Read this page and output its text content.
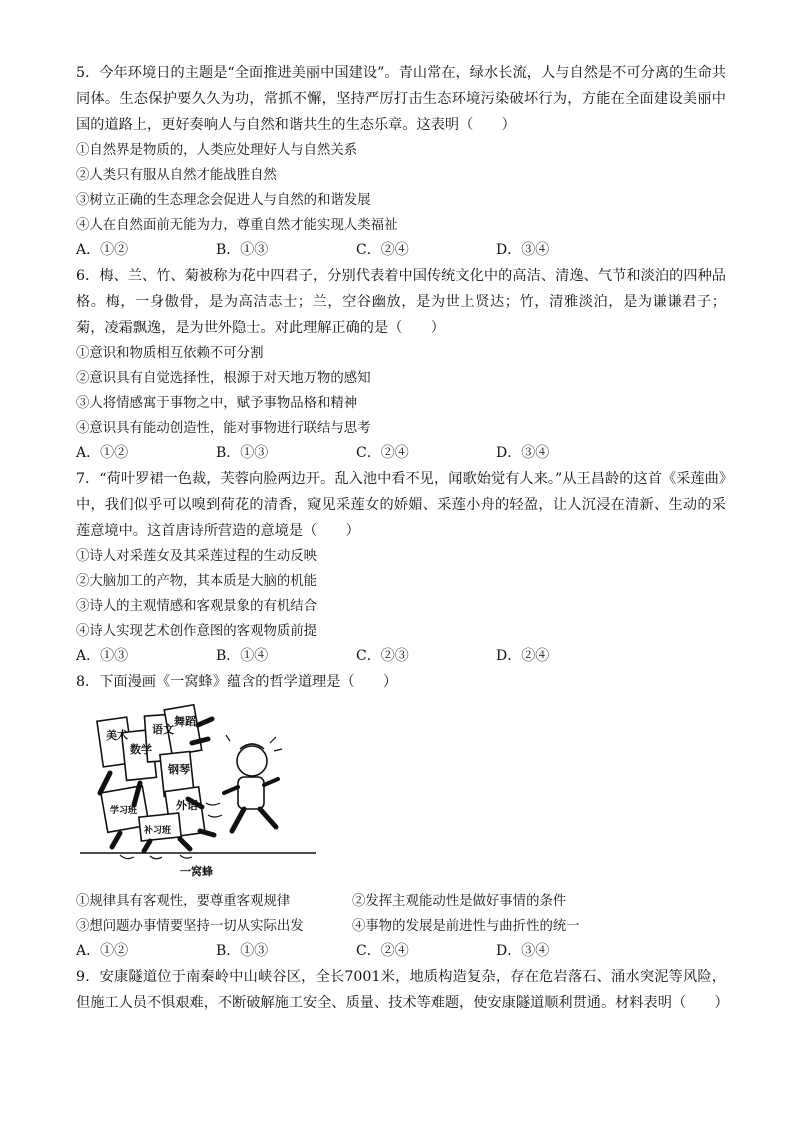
5．今年环境日的主题是“全面推进美丽中国建设”。青山常在，绿水长流，人与自然是不可分离的生命共同体。生态保护要久久为功，常抓不懈，坚持严厉打击生态环境污染破坏行为，方能在全面建设美丽中国的道路上，更好奏响人与自然和谐共生的生态乐章。这表明（　　）

①自然界是物质的，人类应处理好人与自然关系

②人类只有服从自然才能战胜自然

③树立正确的生态理念会促进人与自然的和谐发展

④人在自然面前无能为力，尊重自然才能实现人类福祉

A．①②	B．①③	C．②④	D．③④

6．梅、兰、竹、菊被称为花中四君子，分别代表着中国传统文化中的高洁、清逸、气节和淡泊的四种品格。梅，一身傲骨，是为高洁志士；兰，空谷幽放，是为世上贤达；竹，清雅淡泊，是为谦谦君子；菊，凌霜飘逸，是为世外隐士。对此理解正确的是（　　）

①意识和物质相互依赖不可分割

②意识具有自觉选择性，根源于对天地万物的感知

③人将情感寓于事物之中，赋予事物品格和精神

④意识具有能动创造性，能对事物进行联结与思考

A．①②	B．①③	C．②④	D．③④

7．“荷叶罗裙一色裁，芙蓉向脸两边开。乱入池中看不见，闻歌始觉有人来。”从王昌龄的这首《采莲曲》中，我们似乎可以嗅到荷花的清香，窥见采莲女的娇媚、采莲小舟的轻盈，让人沉浸在清新、生动的采莲意境中。这首唐诗所营造的意境是（　　）

①诗人对采莲女及其采莲过程的生动反映

②大脑加工的产物，其本质是大脑的机能

③诗人的主观情感和客观景象的有机结合

④诗人实现艺术创作意图的客观物质前提

A．①③	B．①④	C．②③	D．②④

8．下面漫画《一窝蜂》蕴含的哲学道理是（　　）

美术
数学
语文
舞蹈
钢琴
外语
学习班
补习班
一窝蜂
①规律具有客观性，要尊重客观规律	②发挥主观能动性是做好事情的条件
③想问题办事情要坚持一切从实际出发	④事物的发展是前进性与曲折性的统一
A．①②	B．①③	C．②④	D．③④

9．安康隧道位于南秦岭中山峡谷区，全长7001米，地质构造复杂，存在危岩落石、涌水突泥等风险，但施工人员不惧艰难，不断破解施工安全、质量、技术等难题，使安康隧道顺利贯通。材料表明（　　）
